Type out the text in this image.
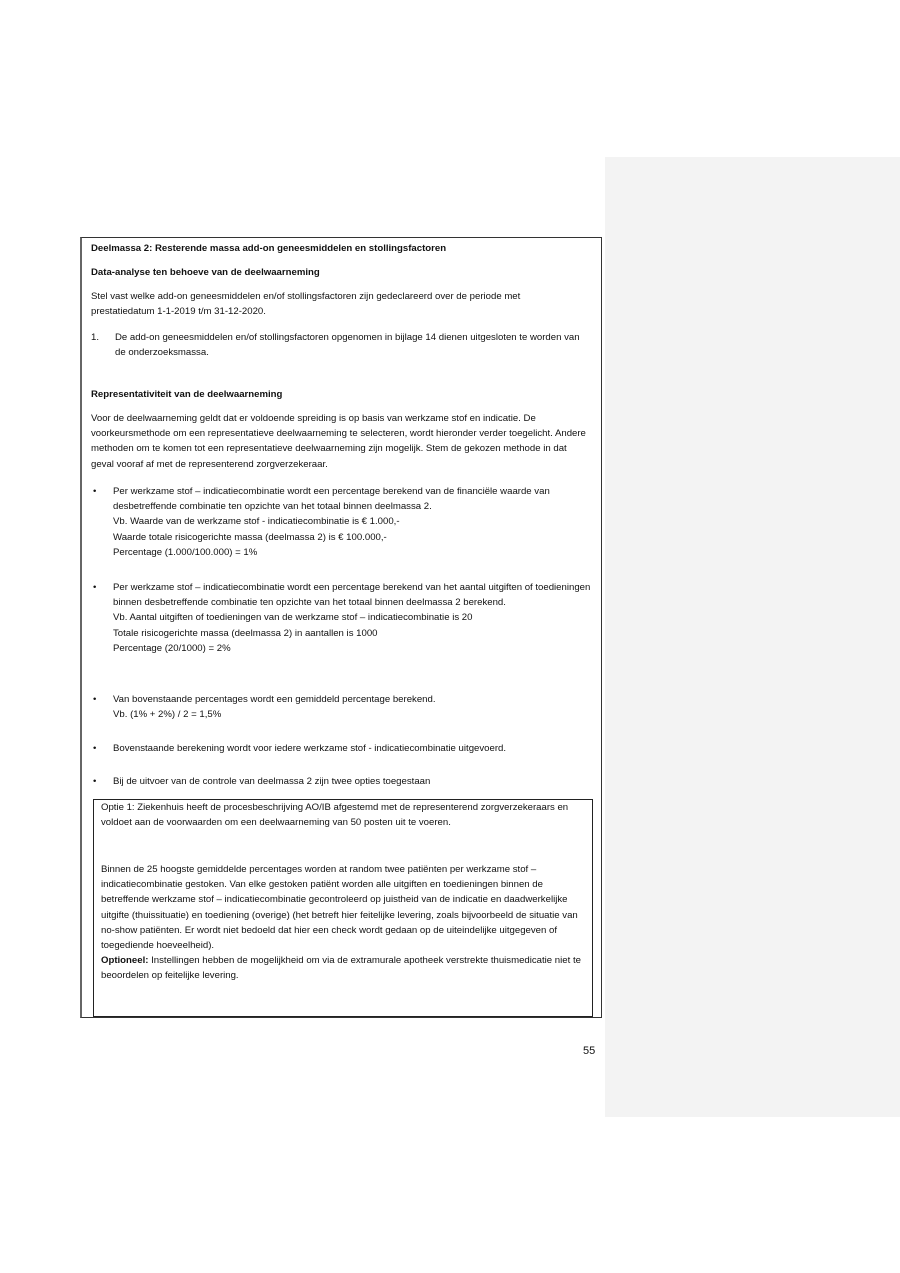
Deelmassa 2: Resterende massa add-on geneesmiddelen en stollingsfactoren
Data-analyse ten behoeve van de deelwaarneming
Stel vast welke add-on geneesmiddelen en/of stollingsfactoren zijn gedeclareerd over de periode met prestatiedatum 1-1-2019 t/m 31-12-2020.
1. De add-on geneesmiddelen en/of stollingsfactoren opgenomen in bijlage 14 dienen uitgesloten te worden van de onderzoeksmassa.
Representativiteit van de deelwaarneming
Voor de deelwaarneming geldt dat er voldoende spreiding is op basis van werkzame stof en indicatie. De voorkeursmethode om een representatieve deelwaarneming te selecteren, wordt hieronder verder toegelicht. Andere methoden om te komen tot een representatieve deelwaarneming zijn mogelijk. Stem de gekozen methode in dat geval vooraf af met de representerend zorgverzekeraar.
• Per werkzame stof – indicatiecombinatie wordt een percentage berekend van de financiële waarde van desbetreffende combinatie ten opzichte van het totaal binnen deelmassa 2.
Vb. Waarde van de werkzame stof - indicatiecombinatie is € 1.000,-
Waarde totale risicogerichte massa (deelmassa 2) is € 100.000,-
Percentage (1.000/100.000) = 1%
• Per werkzame stof – indicatiecombinatie wordt een percentage berekend van het aantal uitgiften of toedieningen binnen desbetreffende combinatie ten opzichte van het totaal binnen deelmassa 2 berekend.
Vb. Aantal uitgiften of toedieningen van de werkzame stof – indicatiecombinatie is 20
Totale risicogerichte massa (deelmassa 2) in aantallen is 1000
Percentage (20/1000) = 2%
• Van bovenstaande percentages wordt een gemiddeld percentage berekend.
Vb. (1% + 2%) / 2 = 1,5%
• Bovenstaande berekening wordt voor iedere werkzame stof - indicatiecombinatie uitgevoerd.
• Bij de uitvoer van de controle van deelmassa 2 zijn twee opties toegestaan
Optie 1: Ziekenhuis heeft de procesbeschrijving AO/IB afgestemd met de representerend zorgverzekeraars en voldoet aan de voorwaarden om een deelwaarneming van 50 posten uit te voeren.
Binnen de 25 hoogste gemiddelde percentages worden at random twee patiënten per werkzame stof – indicatiecombinatie gestoken. Van elke gestoken patiënt worden alle uitgiften en toedieningen binnen de betreffende werkzame stof – indicatiecombinatie gecontroleerd op juistheid van de indicatie en daadwerkelijke uitgifte (thuissituatie) en toediening (overige) (het betreft hier feitelijke levering, zoals bijvoorbeeld de situatie van no-show patiënten. Er wordt niet bedoeld dat hier een check wordt gedaan op de uiteindelijke uitgegeven of toegediende hoeveelheid).
Optioneel: Instellingen hebben de mogelijkheid om via de extramurale apotheek verstrekte thuismedicatie niet te beoordelen op feitelijke levering.
55
